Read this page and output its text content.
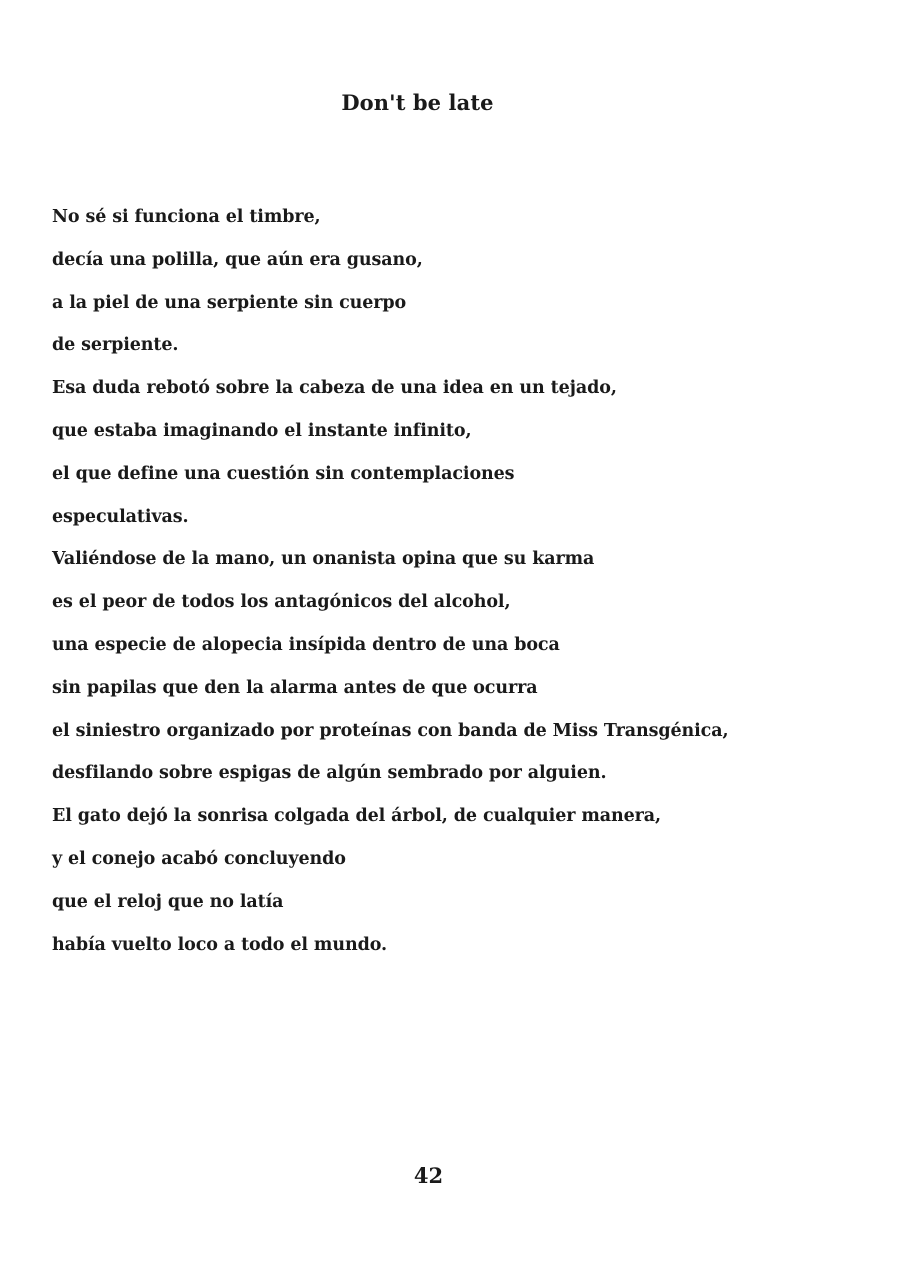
Don't be late
No sé si funciona el timbre,
decía una polilla, que aún era gusano,
a la piel de una serpiente sin cuerpo
de serpiente.
Esa duda rebotó sobre la cabeza de una idea en un tejado,
que estaba imaginando el instante infinito,
el que define una cuestión sin contemplaciones
especulativas.
Valiéndose de la mano, un onanista opina que su karma
es el peor de todos los antagónicos del alcohol,
una especie de alopecia insípida dentro de una boca
sin papilas que den la alarma antes de que ocurra
el siniestro organizado por proteínas con banda de Miss Transgénica,
desfilando sobre espigas de algún sembrado por alguien.
El gato dejó la sonrisa colgada del árbol, de cualquier manera,
y el conejo acabó concluyendo
que el reloj que no latía
había vuelto loco a todo el mundo.
42
